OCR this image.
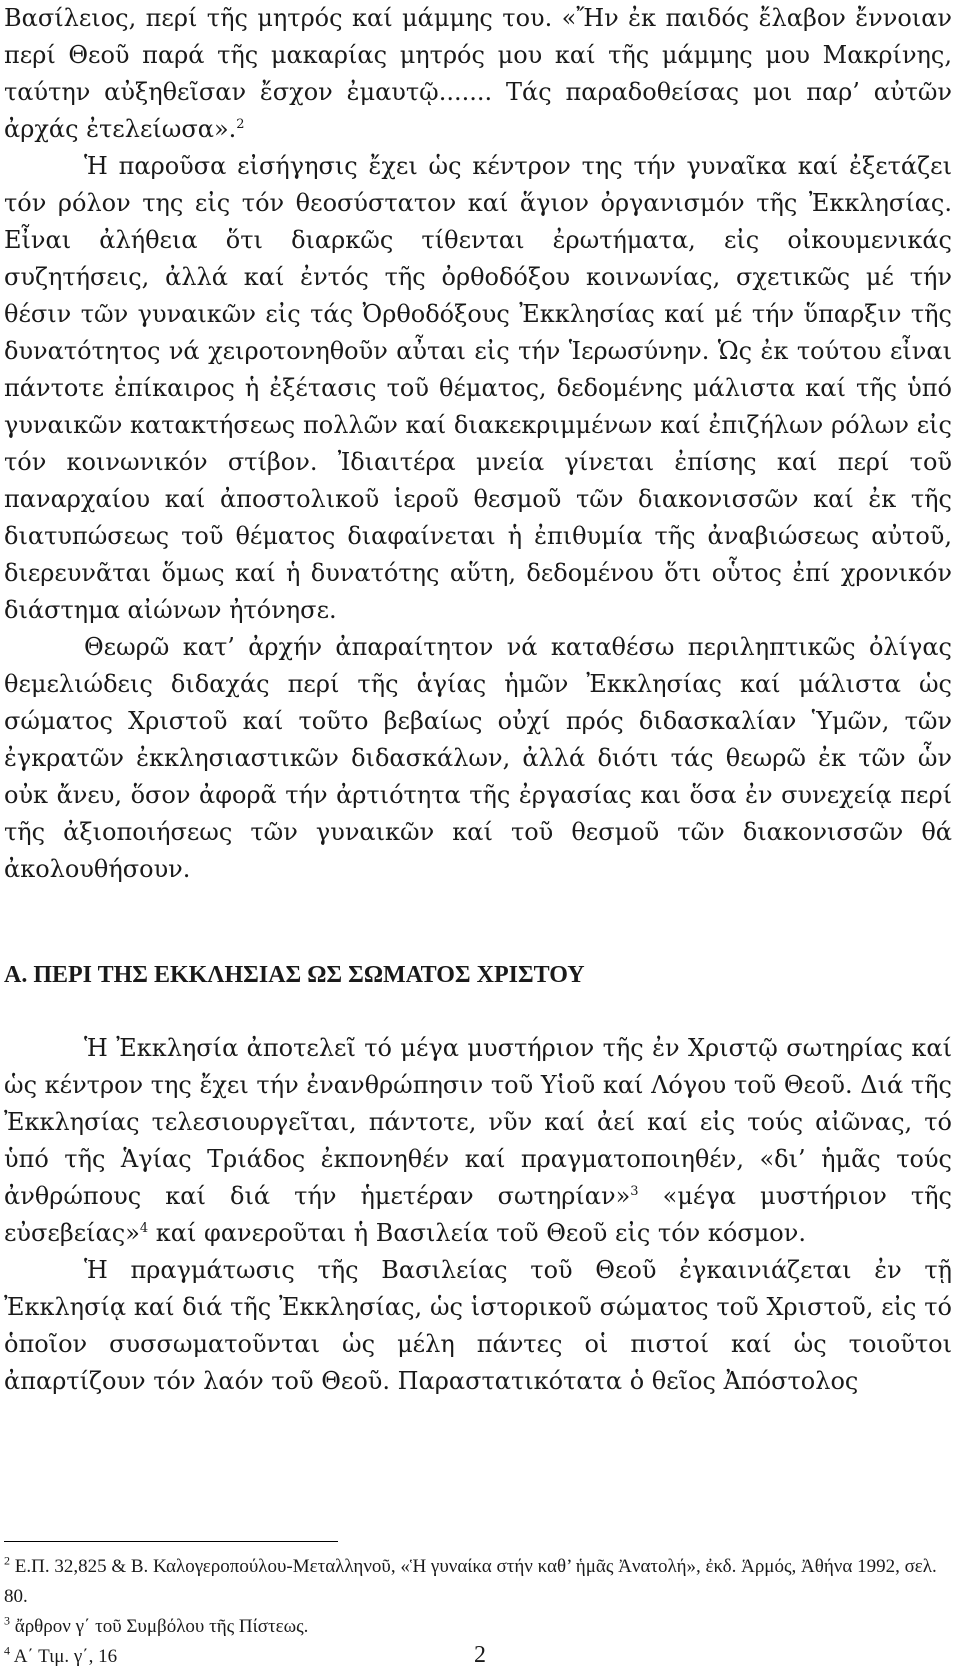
Βασίλειος, περί τῆς μητρός καί μάμμης του. «Ἤν ἐκ παιδός ἔλαβον ἔννοιαν περί Θεοῦ παρά τῆς μακαρίας μητρός μου καί τῆς μάμμης μου Μακρίνης, ταύτην αὐξηθεῖσαν ἔσχον ἐμαυτῷ....... Τάς παραδοθείσας μοι παρ’ αὐτῶν ἀρχάς ἐτελείωσα».$^2$

Ἡ παροῦσα εἰσήγησις ἔχει ὡς κέντρον της τήν γυναῖκα καί ἐξετάζει τόν ρόλον της εἰς τόν θεοσύστατον καί ἅγιον ὀργανισμόν τῆς Ἐκκλησίας. Εἶναι ἀλήθεια ὅτι διαρκῶς τίθενται ἐρωτήματα, εἰς οἰκουμενικάς συζητήσεις, ἀλλά καί ἐντός τῆς ὀρθοδόξου κοινωνίας, σχετικῶς μέ τήν θέσιν τῶν γυναικῶν εἰς τάς Ὀρθοδόξους Ἐκκλησίας καί μέ τήν ὕπαρξιν τῆς δυνατότητος νά χειροτονηθοῦν αὖται εἰς τήν Ἱερωσύνην. Ὡς ἐκ τούτου εἶναι πάντοτε ἐπίκαιρος ἡ ἐξέτασις τοῦ θέματος, δεδομένης μάλιστα καί τῆς ὑπό γυναικῶν κατακτήσεως πολλῶν καί διακεκριμμένων καί ἐπιζήλων ρόλων εἰς τόν κοινωνικόν στίβον. Ἰδιαιτέρα μνεία γίνεται ἐπίσης καί περί τοῦ παναρχαίου καί ἀποστολικοῦ ἱεροῦ θεσμοῦ τῶν διακονισσῶν καί ἐκ τῆς διατυπώσεως τοῦ θέματος διαφαίνεται ἡ ἐπιθυμία τῆς ἀναβιώσεως αὐτοῦ, διερευνᾶται ὅμως καί ἡ δυνατότης αὕτη, δεδομένου ὅτι οὗτος ἐπί χρονικόν διάστημα αἰώνων ἠτόνησε.

Θεωρῶ κατ’ ἀρχήν ἀπαραίτητον νά καταθέσω περιληπτικῶς ὀλίγας θεμελιώδεις διδαχάς περί τῆς ἁγίας ἡμῶν Ἐκκλησίας καί μάλιστα ὡς σώματος Χριστοῦ καί τοῦτο βεβαίως οὐχί πρός διδασκαλίαν Ὑμῶν, τῶν ἐγκρατῶν ἐκκλησιαστικῶν διδασκάλων, ἀλλά διότι τάς θεωρῶ ἐκ τῶν ὧν οὐκ ἄνευ, ὅσον ἀφορᾶ τήν ἀρτιότητα τῆς ἐργασίας και ὅσα ἐν συνεχείᾳ περί τῆς ἀξιοποιήσεως τῶν γυναικῶν καί τοῦ θεσμοῦ τῶν διακονισσῶν θά ἀκολουθήσουν.

Α. ΠΕΡΙ ΤΗΣ ΕΚΚΛΗΣΙΑΣ ΩΣ ΣΩΜΑΤΟΣ ΧΡΙΣΤΟΥ

Ἡ Ἐκκλησία ἀποτελεῖ τό μέγα μυστήριον τῆς ἐν Χριστῷ σωτηρίας καί ὡς κέντρον της ἔχει τήν ἐνανθρώπησιν τοῦ Υἱοῦ καί Λόγου τοῦ Θεοῦ. Διά τῆς Ἐκκλησίας τελεσιουργεῖται, πάντοτε, νῦν καί ἀεί καί εἰς τούς αἰῶνας, τό ὑπό τῆς Ἁγίας Τριάδος ἐκπονηθέν καί πραγματοποιηθέν, «δι’ ἡμᾶς τούς ἀνθρώπους καί διά τήν ἡμετέραν σωτηρίαν»$^3$ «μέγα μυστήριον τῆς εὐσεβείας»$^4$ καί φανεροῦται ἡ Βασιλεία τοῦ Θεοῦ εἰς τόν κόσμον.

Ἡ πραγμάτωσις τῆς Βασιλείας τοῦ Θεοῦ ἐγκαινιάζεται ἐν τῇ Ἐκκλησίᾳ καί διά τῆς Ἐκκλησίας, ὡς ἱστορικοῦ σώματος τοῦ Χριστοῦ, εἰς τό ὁποῖον συσσωματοῦνται ὡς μέλη πάντες οἱ πιστοί καί ὡς τοιοῦτοι ἀπαρτίζουν τόν λαόν τοῦ Θεοῦ. Παραστατικότατα ὁ θεῖος Ἀπόστολος

$^2$ Ε.Π. 32,825 & Β. Καλογεροπούλου-Μεταλληνοῦ, «Ἡ γυναίκα στήν καθ’ ἡμᾶς Ἀνατολή», ἐκδ. Ἁρμός, Ἀθήνα 1992, σελ. 80.

$^3$ ἄρθρον γ΄ τοῦ Συμβόλου τῆς Πίστεως.

$^4$ Α΄ Τιμ. γ΄, 16	2
